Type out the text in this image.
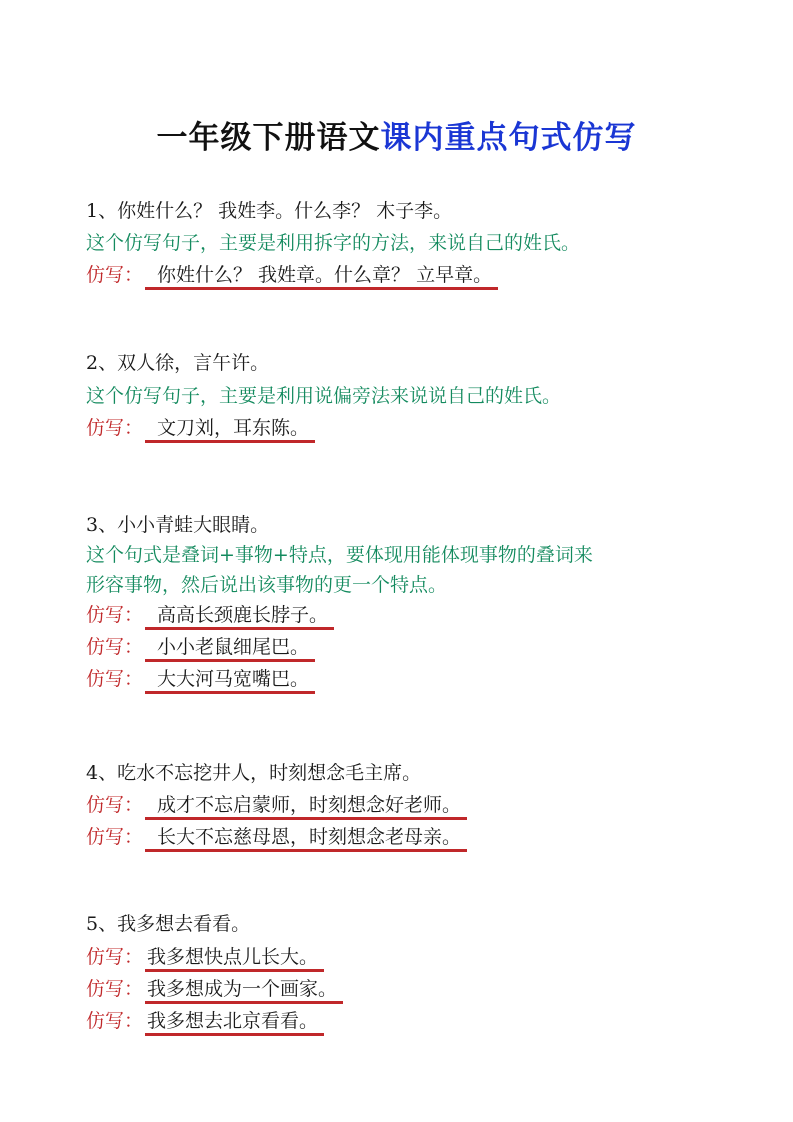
一年级下册语文课内重点句式仿写
1、你姓什么？ 我姓李。什么李？ 木子李。
这个仿写句子，主要是利用拆字的方法，来说自己的姓氏。
仿写： 你姓什么？ 我姓章。什么章？ 立早章。
2、双人徐，言午许。
这个仿写句子，主要是利用说偏旁法来说说自己的姓氏。
仿写： 文刀刘，耳东陈。
3、小小青蛙大眼睛。
这个句式是叠词+事物+特点，要体现用能体现事物的叠词来
形容事物，然后说出该事物的更一个特点。
仿写： 高高长颈鹿长脖子。
仿写： 小小老鼠细尾巴。
仿写： 大大河马宽嘴巴。
4、吃水不忘挖井人，时刻想念毛主席。
仿写： 成才不忘启蒙师，时刻想念好老师。
仿写： 长大不忘慈母恩，时刻想念老母亲。
5、我多想去看看。
仿写： 我多想快点儿长大。
仿写： 我多想成为一个画家。
仿写： 我多想去北京看看。
